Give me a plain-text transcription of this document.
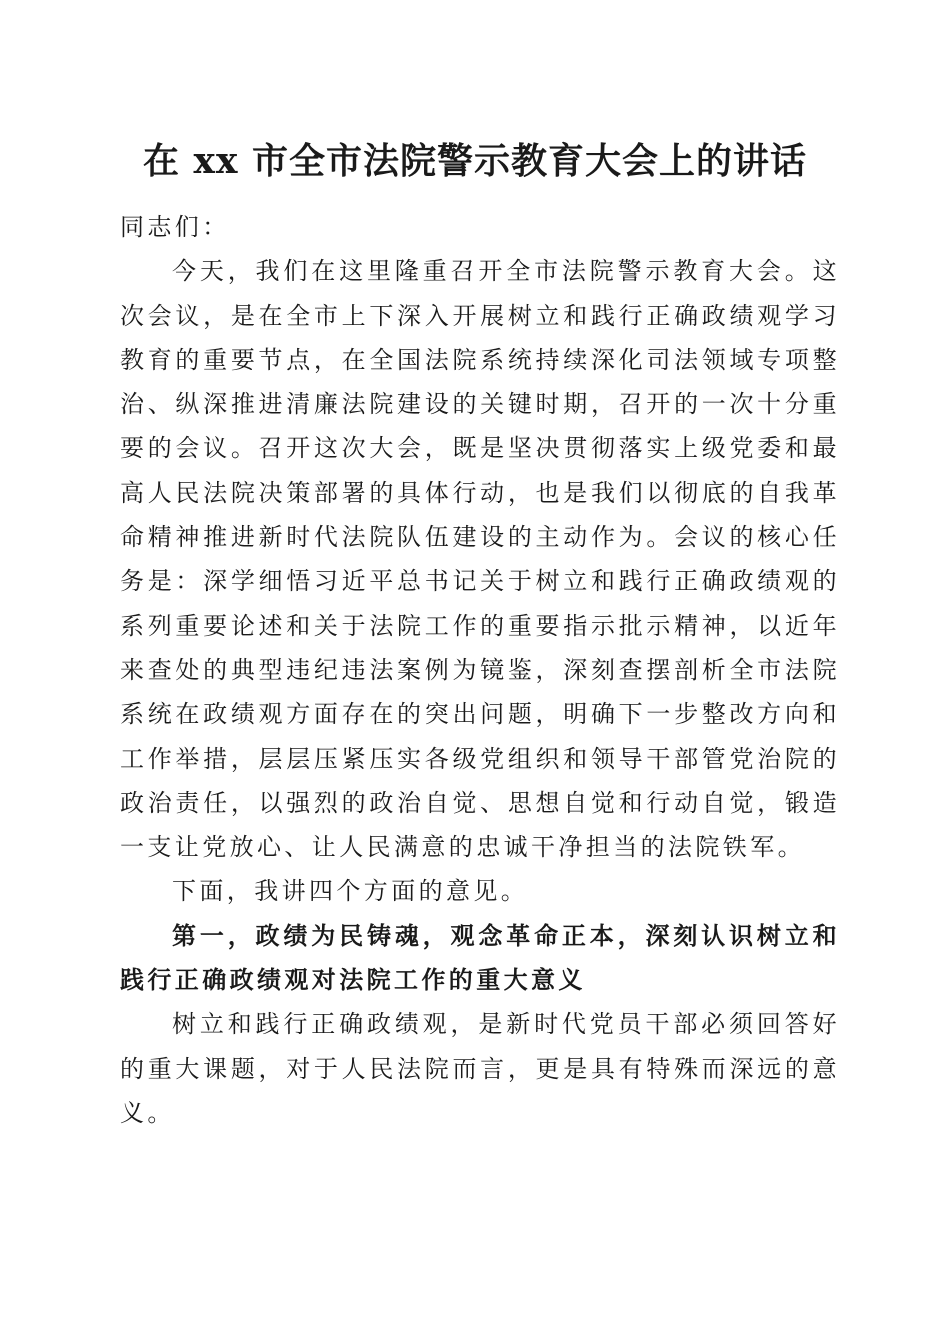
在 xx 市全市法院警示教育大会上的讲话

同志们：

今天，我们在这里隆重召开全市法院警示教育大会。这次会议，是在全市上下深入开展树立和践行正确政绩观学习教育的重要节点，在全国法院系统持续深化司法领域专项整治、纵深推进清廉法院建设的关键时期，召开的一次十分重要的会议。召开这次大会，既是坚决贯彻落实上级党委和最高人民法院决策部署的具体行动，也是我们以彻底的自我革命精神推进新时代法院队伍建设的主动作为。会议的核心任务是：深学细悟习近平总书记关于树立和践行正确政绩观的系列重要论述和关于法院工作的重要指示批示精神，以近年来查处的典型违纪违法案例为镜鉴，深刻查摆剖析全市法院系统在政绩观方面存在的突出问题，明确下一步整改方向和工作举措，层层压紧压实各级党组织和领导干部管党治院的政治责任，以强烈的政治自觉、思想自觉和行动自觉，锻造一支让党放心、让人民满意的忠诚干净担当的法院铁军。

下面，我讲四个方面的意见。

第一，政绩为民铸魂，观念革命正本，深刻认识树立和践行正确政绩观对法院工作的重大意义

树立和践行正确政绩观，是新时代党员干部必须回答好的重大课题，对于人民法院而言，更是具有特殊而深远的意义。
